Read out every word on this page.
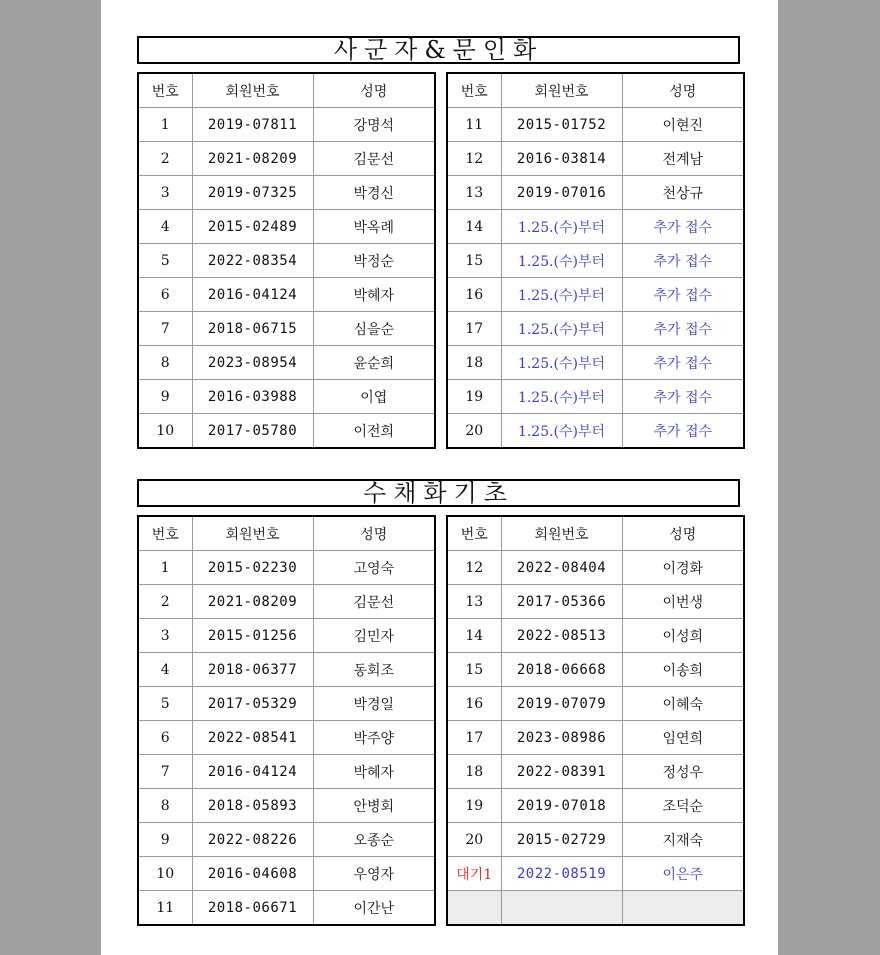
사군자&문인화
번호	회원번호	성명
1	2019-07811	강명석
2	2021-08209	김문선
3	2019-07325	박경신
4	2015-02489	박옥례
5	2022-08354	박정순
6	2016-04124	박혜자
7	2018-06715	심을순
8	2023-08954	윤순희
9	2016-03988	이엽
10	2017-05780	이전희
번호	회원번호	성명
11	2015-01752	이현진
12	2016-03814	전계남
13	2019-07016	천상규
14	1.25.(수)부터	추가 접수
15	1.25.(수)부터	추가 접수
16	1.25.(수)부터	추가 접수
17	1.25.(수)부터	추가 접수
18	1.25.(수)부터	추가 접수
19	1.25.(수)부터	추가 접수
20	1.25.(수)부터	추가 접수
수채화기초
번호	회원번호	성명
1	2015-02230	고영숙
2	2021-08209	김문선
3	2015-01256	김민자
4	2018-06377	동회조
5	2017-05329	박경일
6	2022-08541	박주양
7	2016-04124	박혜자
8	2018-05893	안병회
9	2022-08226	오종순
10	2016-04608	우영자
11	2018-06671	이간난
번호	회원번호	성명
12	2022-08404	이경화
13	2017-05366	이번생
14	2022-08513	이성희
15	2018-06668	이송희
16	2019-07079	이혜숙
17	2023-08986	임연희
18	2022-08391	정성우
19	2019-07018	조덕순
20	2015-02729	지재숙
대기1	2022-08519	이은주
